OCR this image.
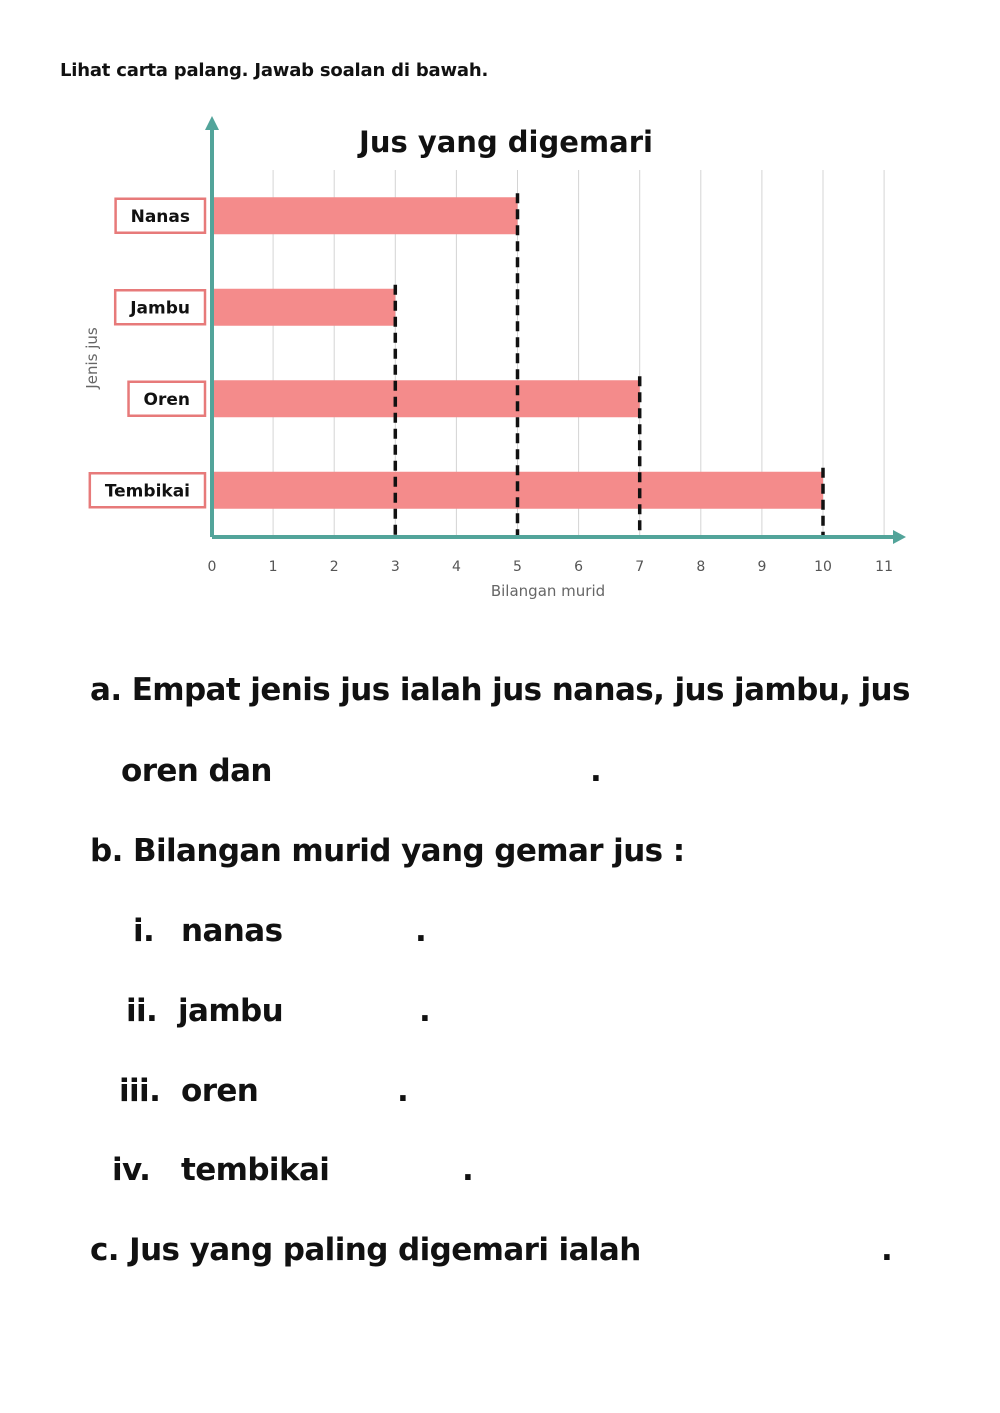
Lihat carta palang. Jawab soalan di bawah.
0	1	2	3	4	5	6	7	8	9	10	11
Nanas
Jambu
Oren
Tembikai
Jus yang digemari
Bilangan murid
Jenis jus
a. Empat jenis jus ialah jus nanas, jus jambu, jus
oren dan	.
b. Bilangan murid yang gemar jus :
i. nanas	.
ii. jambu	.
iii. oren	.
iv. tembikai	.
c. Jus yang paling digemari ialah	.
